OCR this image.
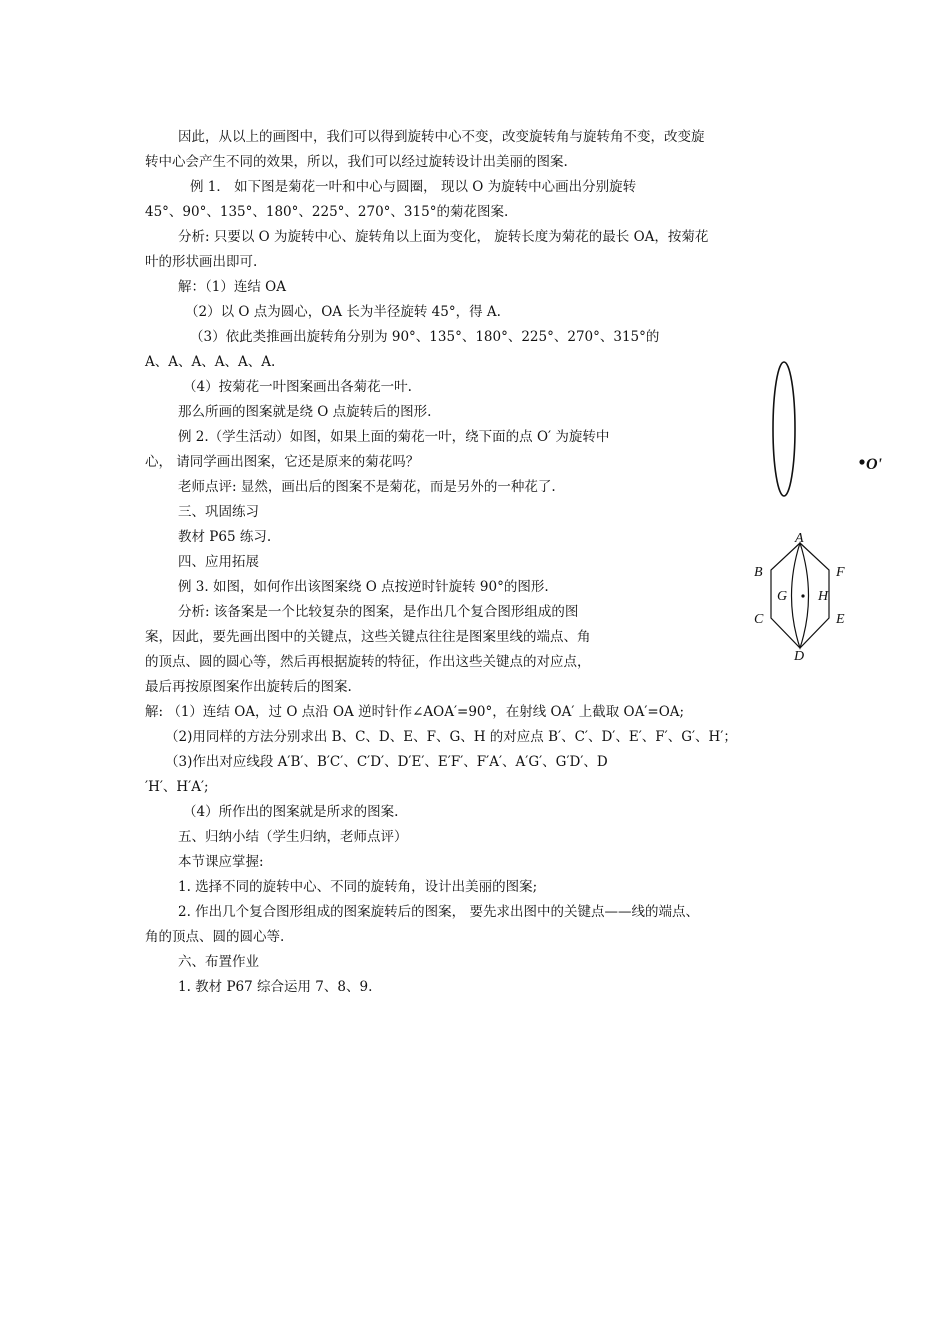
因此，从以上的画图中，我们可以得到旋转中心不变，改变旋转角与旋转角不变，改变旋
转中心会产生不同的效果，所以，我们可以经过旋转设计出美丽的图案.
例 1． 如下图是菊花一叶和中心与圆圈， 现以 O 为旋转中心画出分别旋转
45°、90°、135°、180°、225°、270°、315°的菊花图案.
分析: 只要以 O 为旋转中心、旋转角以上面为变化， 旋转长度为菊花的最长 OA，按菊花
叶的形状画出即可.
解：（1）连结 OA
（2）以 O 点为圆心，OA 长为半径旋转 45°，得 A.
（3）依此类推画出旋转角分别为 90°、135°、180°、225°、270°、315°的
A、A、A、A、A、A.
（4）按菊花一叶图案画出各菊花一叶.
那么所画的图案就是绕 O 点旋转后的图形.
例 2.（学生活动）如图，如果上面的菊花一叶，绕下面的点 O′ 为旋转中
心， 请同学画出图案，它还是原来的菊花吗？
老师点评: 显然，画出后的图案不是菊花，而是另外的一种花了.
三、巩固练习
教材 P65 练习.
四、应用拓展
例 3. 如图，如何作出该图案绕 O 点按逆时针旋转 90°的图形.
分析: 该备案是一个比较复杂的图案，是作出几个复合图形组成的图
案，因此，要先画出图中的关键点，这些关键点往往是图案里线的端点、角
的顶点、圆的圆心等，然后再根据旋转的特征，作出这些关键点的对应点，
最后再按原图案作出旋转后的图案.
解: （1）连结 OA，过 O 点沿 OA 逆时针作∠AOA′=90°，在射线 OA′ 上截取 OA′=OA;
（2)用同样的方法分别求出 B、C、D、E、F、G、H 的对应点 B′、C′、D′、E′、F′、G′、H′；
（3)作出对应线段 A′B′、B′C′、C′D′、D′E′、E′F′、F′A′、A′G′、G′D′、D
′H′、H′A′;
（4）所作出的图案就是所求的图案.
五、归纳小结（学生归纳，老师点评）
本节课应掌握:
1. 选择不同的旋转中心、不同的旋转角，设计出美丽的图案;
2. 作出几个复合图形组成的图案旋转后的图案， 要先求出图中的关键点——线的端点、
角的顶点、圆的圆心等.
六、布置作业
1. 教材 P67 综合运用 7、8、9.
O'
A
B	F
G H
C	E
D
